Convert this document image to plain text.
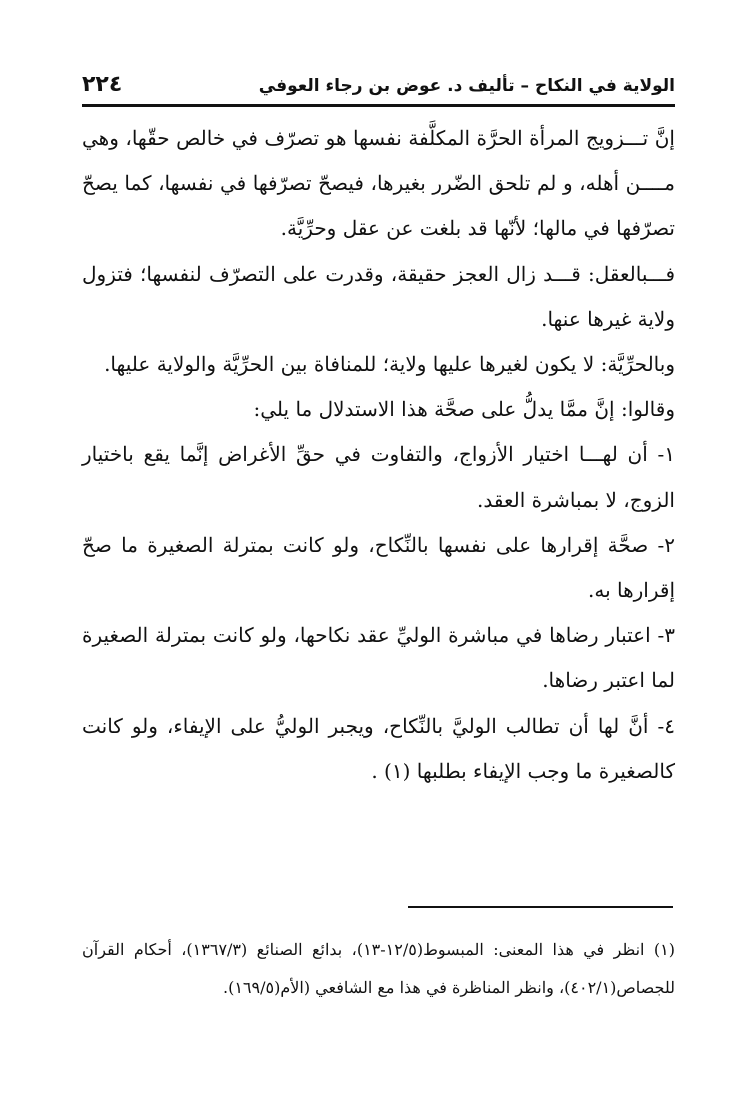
الولاية في النكاح – تأليف د. عوض بن رجاء العوفي
٢٢٤

إنَّ تـــزويج المرأة الحرَّة المكلَّفة نفسها هو تصرّف في خالص حقّها، وهي مــــن أهله، و لم تلحق الضّرر بغيرها، فيصحّ تصرّفها في نفسها، كما يصحّ تصرّفها في مالها؛ لأنّها قد بلغت عن عقل وحرِّيَّة.

فـــبالعقل: قـــد زال العجز حقيقة، وقدرت على التصرّف لنفسها؛ فتزول ولاية غيرها عنها.

وبالحرِّيَّة: لا يكون لغيرها عليها ولاية؛ للمنافاة بين الحرِّيَّة والولاية عليها.

وقالوا: إنَّ ممَّا يدلُّ على صحَّة هذا الاستدلال ما يلي:

١- أن لهـــا اختيار الأزواج، والتفاوت في حقِّ الأغراض إنَّما يقع باختيار الزوج، لا بمباشرة العقد.

٢- صحَّة إقرارها على نفسها بالنِّكاح، ولو كانت بمترلة الصغيرة ما صحّ إقرارها به.

٣- اعتبار رضاها في مباشرة الوليِّ عقد نكاحها، ولو كانت بمترلة الصغيرة لما اعتبر رضاها.

٤- أنَّ لها أن تطالب الوليَّ بالنِّكاح، ويجبر الوليُّ على الإيفاء، ولو كانت كالصغيرة ما وجب الإيفاء بطلبها (١) .

(١) انظر في هذا المعنى: المبسوط(١٢/٥-١٣)، بدائع الصنائع (١٣٦٧/٣)، أحكام القرآن للجصاص(٤٠٢/١)، وانظر المناظرة في هذا مع الشافعي (الأم(١٦٩/٥).
